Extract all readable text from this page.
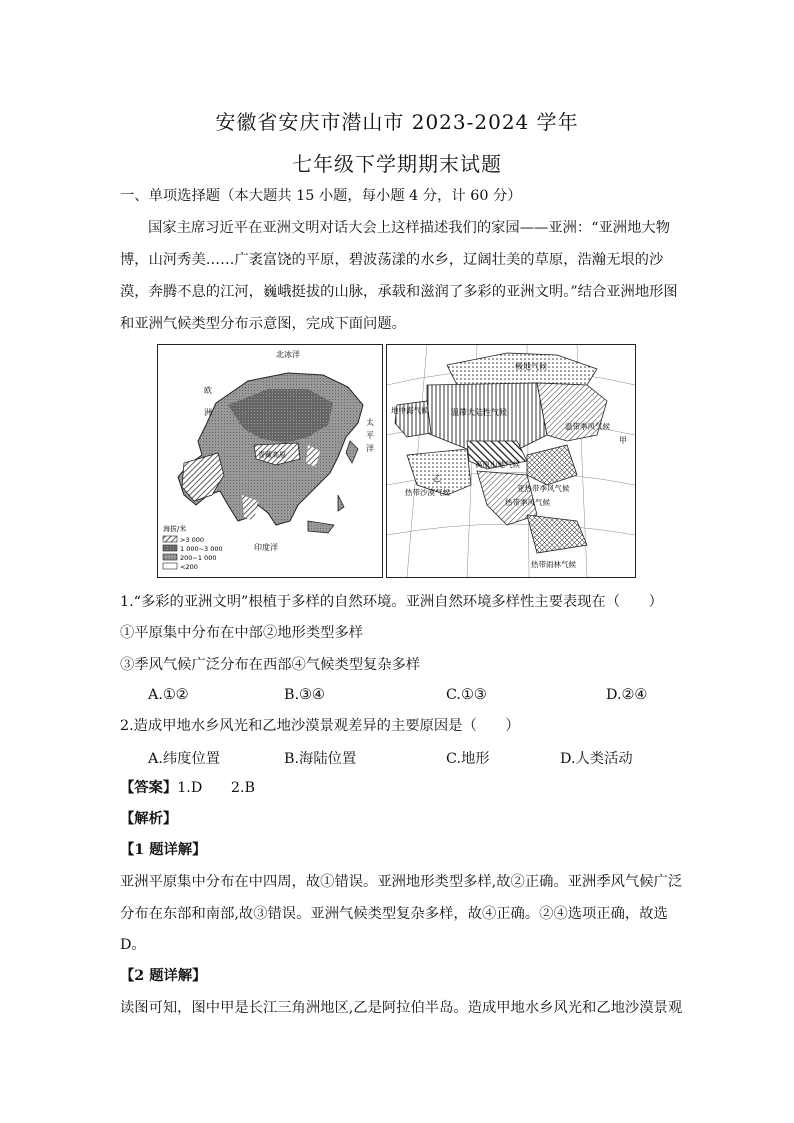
安徽省安庆市潜山市 2023-2024 学年
七年级下学期期末试题
一、单项选择题（本大题共 15 小题，每小题 4 分，计 60 分）
国家主席习近平在亚洲文明对话大会上这样描述我们的家园——亚洲：“亚洲地大物
博，山河秀美……广袤富饶的平原，碧波荡漾的水乡，辽阔壮美的草原，浩瀚无垠的沙
漠，奔腾不息的江河，巍峨挺拔的山脉，承载和滋润了多彩的亚洲文明。”结合亚洲地形图
和亚洲气候类型分布示意图，完成下面问题。
北冰洋
欧
洲
太
平
洋
青藏高原
印度洋
海拔/米
>3 000
1 000~3 000
200~1 000
<200
极地气候
地中海气候	温带大陆性气候
温带季风气候
高原山地气候
甲
乙
热带沙漠气候	亚热带季风气候
热带季风气候
热带雨林气候
1.“多彩的亚洲文明”根植于多样的自然环境。亚洲自然环境多样性主要表现在（　　）
①平原集中分布在中部②地形类型多样
③季风气候广泛分布在西部④气候类型复杂多样
A.①②	B.③④	C.①③	D.②④
2.造成甲地水乡风光和乙地沙漠景观差异的主要原因是（　　）
A.纬度位置	B.海陆位置	C.地形	D.人类活动
【答案】1.D　　2.B
【解析】
【1 题详解】
亚洲平原集中分布在中四周，故①错误。亚洲地形类型多样,故②正确。亚洲季风气候广泛
分布在东部和南部,故③错误。亚洲气候类型复杂多样，故④正确。②④选项正确，故选
D。
【2 题详解】
读图可知，图中甲是长江三角洲地区,乙是阿拉伯半岛。造成甲地水乡风光和乙地沙漠景观
